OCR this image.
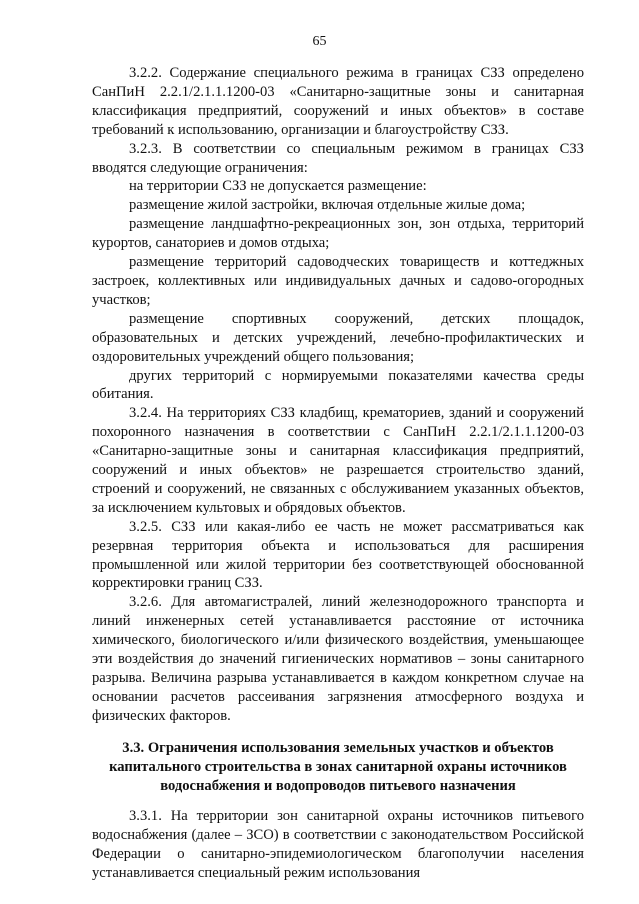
65

3.2.2. Содержание специального режима в границах СЗЗ определено СанПиН 2.2.1/2.1.1.1200-03 «Санитарно-защитные зоны и санитарная классификация предприятий, сооружений и иных объектов» в составе требований к использованию, организации и благоустройству СЗЗ.

3.2.3. В соответствии со специальным режимом в границах СЗЗ вводятся следующие ограничения:

на территории СЗЗ не допускается размещение:

размещение жилой застройки, включая отдельные жилые дома;

размещение ландшафтно-рекреационных зон, зон отдыха, территорий курортов, санаториев и домов отдыха;

размещение территорий садоводческих товариществ и коттеджных застроек, коллективных или индивидуальных дачных и садово-огородных участков;

размещение спортивных сооружений, детских площадок, образовательных и детских учреждений, лечебно-профилактических и оздоровительных учреждений общего пользования;

других территорий с нормируемыми показателями качества среды обитания.

3.2.4. На территориях СЗЗ кладбищ, крематориев, зданий и сооружений похоронного назначения в соответствии с СанПиН 2.2.1/2.1.1.1200-03 «Санитарно-защитные зоны и санитарная классификация предприятий, сооружений и иных объектов» не разрешается строительство зданий, строений и сооружений, не связанных с обслуживанием указанных объектов, за исключением культовых и обрядовых объектов.

3.2.5. СЗЗ или какая-либо ее часть не может рассматриваться как резервная территория объекта и использоваться для расширения промышленной или жилой территории без соответствующей обоснованной корректировки границ СЗЗ.

3.2.6. Для автомагистралей, линий железнодорожного транспорта и линий инженерных сетей устанавливается расстояние от источника химического, биологического и/или физического воздействия, уменьшающее эти воздействия до значений гигиенических нормативов – зоны санитарного разрыва. Величина разрыва устанавливается в каждом конкретном случае на основании расчетов рассеивания загрязнения атмосферного воздуха и физических факторов.

3.3. Ограничения использования земельных участков и объектов капитального строительства в зонах санитарной охраны источников водоснабжения и водопроводов питьевого назначения

3.3.1. На территории зон санитарной охраны источников питьевого водоснабжения (далее – ЗСО) в соответствии с законодательством Российской Федерации о санитарно-эпидемиологическом благополучии населения устанавливается специальный режим использования
